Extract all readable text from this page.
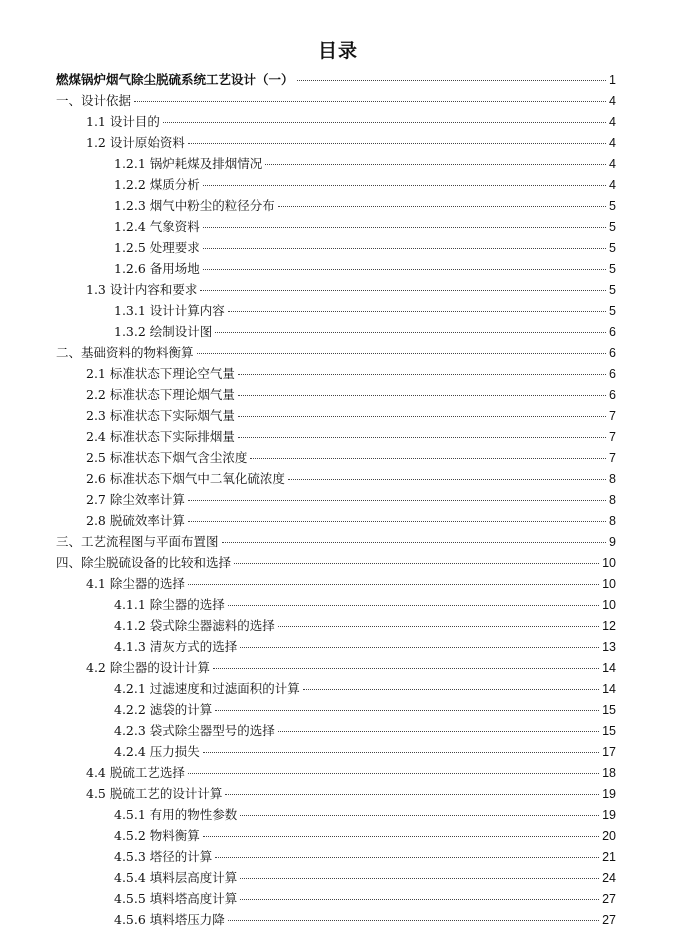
目录
燃煤锅炉烟气除尘脱硫系统工艺设计（一）	1
一、设计依据	4
1.1 设计目的	4
1.2 设计原始资料	4
1.2.1 锅炉耗煤及排烟情况	4
1.2.2 煤质分析	4
1.2.3 烟气中粉尘的粒径分布	5
1.2.4 气象资料	5
1.2.5 处理要求	5
1.2.6 备用场地	5
1.3 设计内容和要求	5
1.3.1 设计计算内容	5
1.3.2 绘制设计图	6
二、基础资料的物料衡算	6
2.1 标准状态下理论空气量	6
2.2 标准状态下理论烟气量	6
2.3 标准状态下实际烟气量	7
2.4 标准状态下实际排烟量	7
2.5 标准状态下烟气含尘浓度	7
2.6 标准状态下烟气中二氧化硫浓度	8
2.7 除尘效率计算	8
2.8 脱硫效率计算	8
三、工艺流程图与平面布置图	9
四、除尘脱硫设备的比较和选择	10
4.1 除尘器的选择	10
4.1.1 除尘器的选择	10
4.1.2 袋式除尘器滤料的选择	12
4.1.3 清灰方式的选择	13
4.2 除尘器的设计计算	14
4.2.1 过滤速度和过滤面积的计算	14
4.2.2 滤袋的计算	15
4.2.3 袋式除尘器型号的选择	15
4.2.4 压力损失	17
4.4 脱硫工艺选择	18
4.5 脱硫工艺的设计计算	19
4.5.1 有用的物性参数	19
4.5.2 物料衡算	20
4.5.3 塔径的计算	21
4.5.4 填料层高度计算	24
4.5.5 填料塔高度计算	27
4.5.6 填料塔压力降	27
